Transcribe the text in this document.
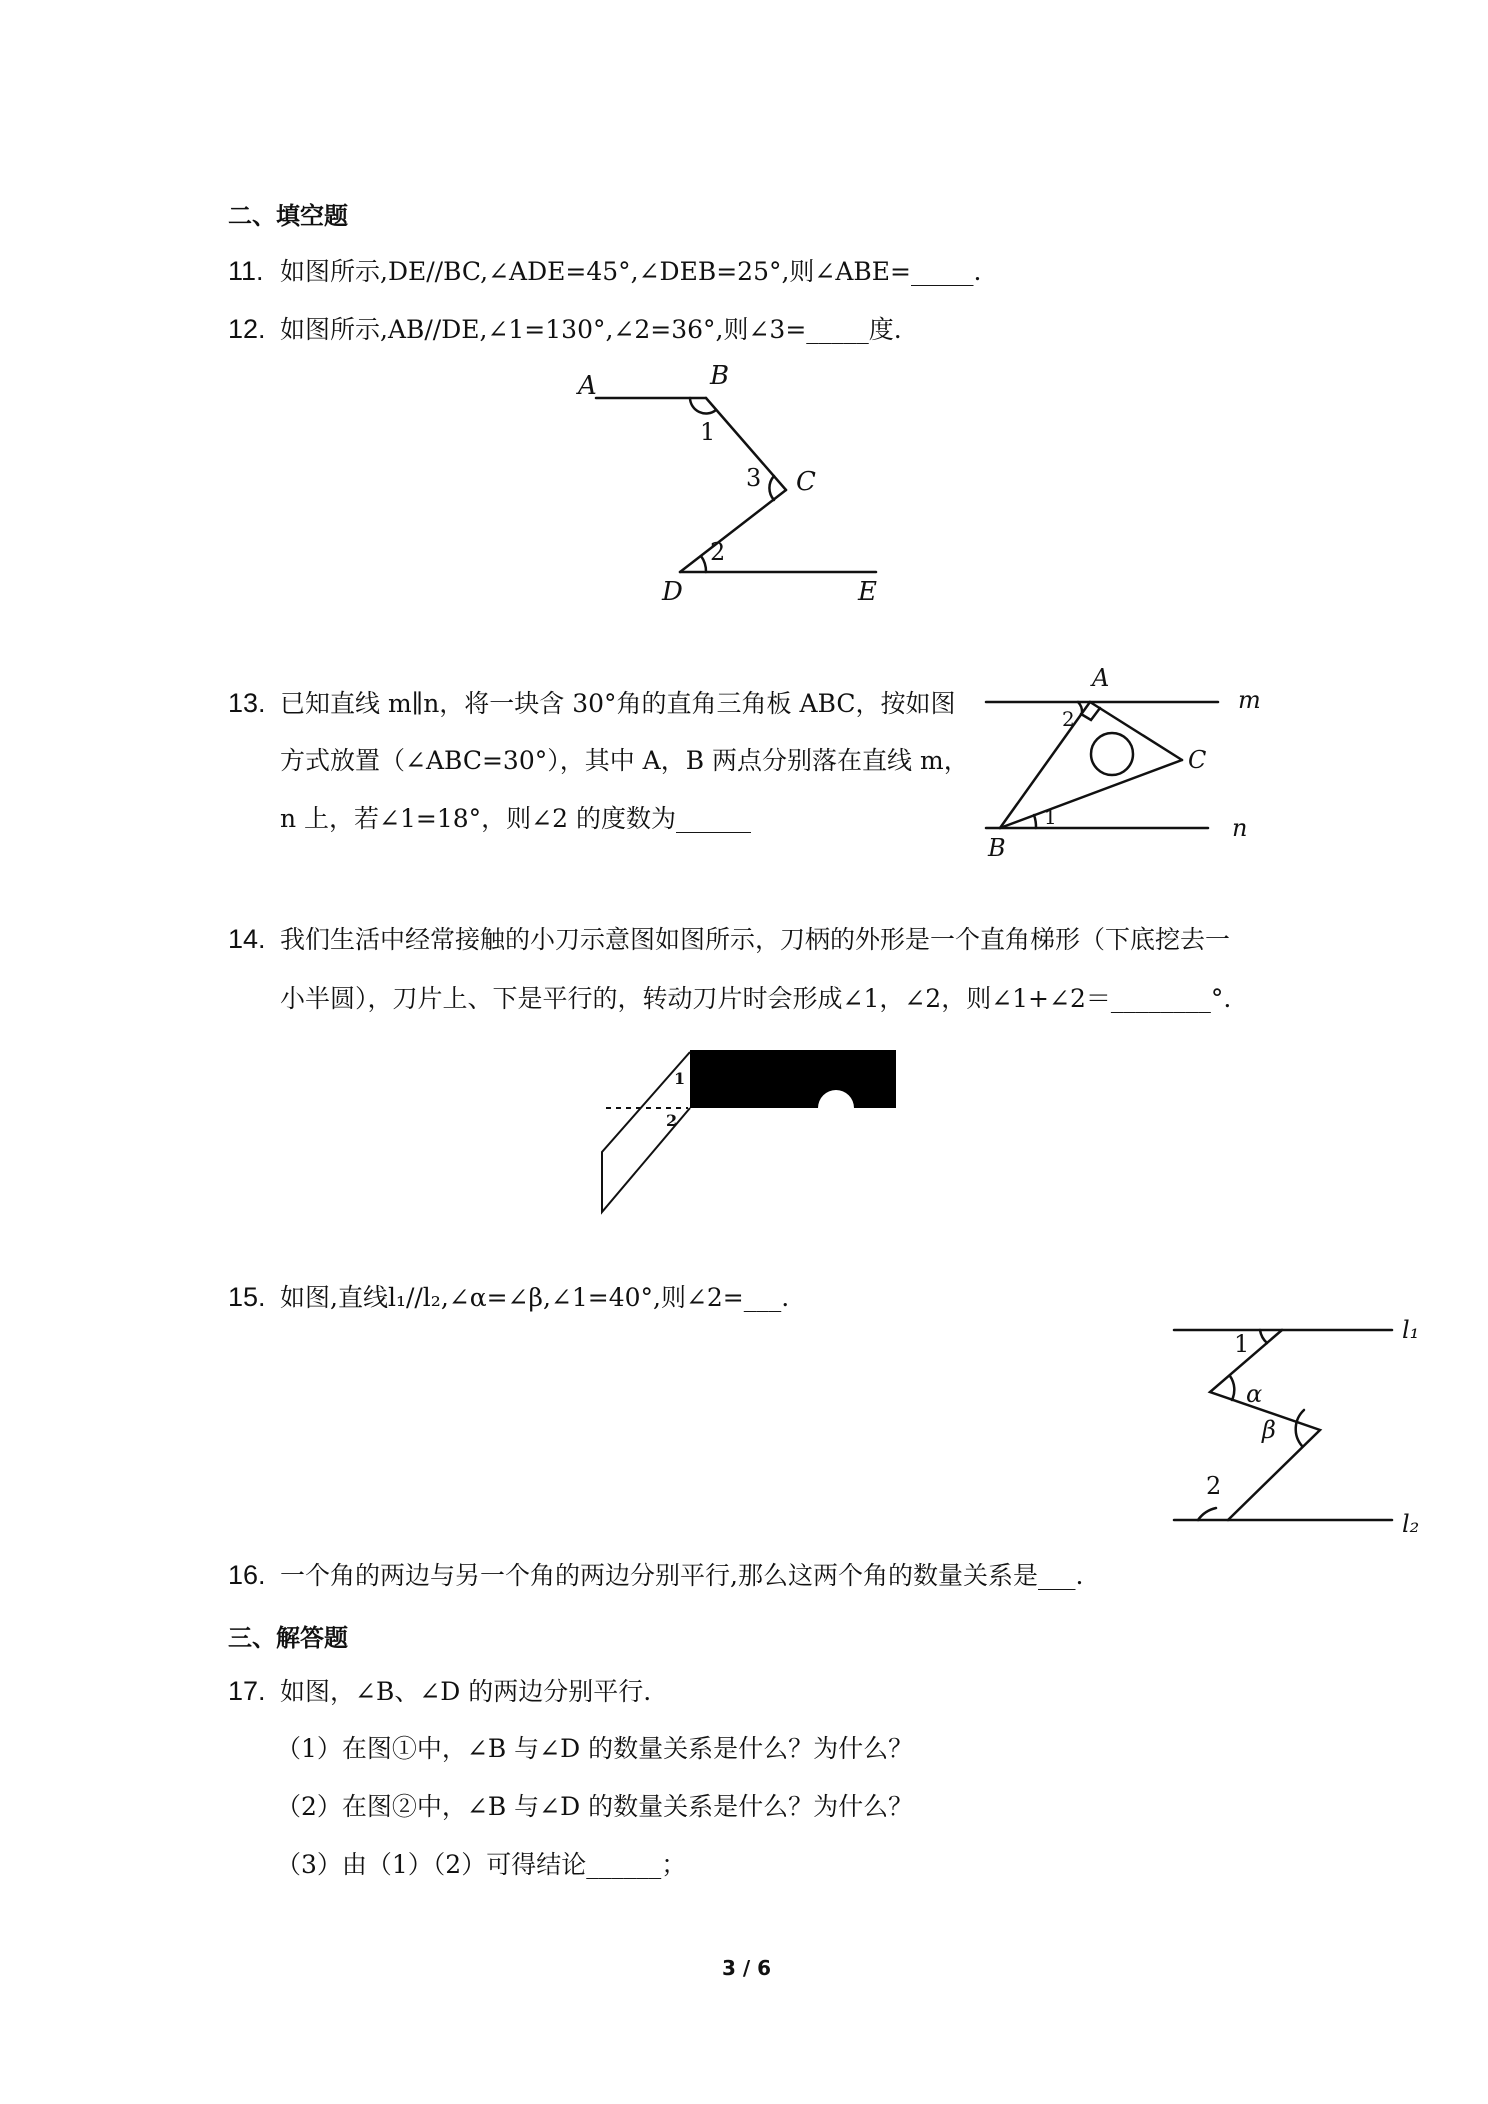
二、填空题
11. 如图所示,DE//BC,∠ADE=45°,∠DEB=25°,则∠ABE=_____.
12. 如图所示,AB//DE,∠1=130°,∠2=36°,则∠3=_____度.
A	B
C
D	E
1
3
2
13. 已知直线 m∥n，将一块含 30°角的直角三角板 ABC，按如图
方式放置（∠ABC=30°），其中 A，B 两点分别落在直线 m，
n 上，若∠1=18°，则∠2 的度数为______
A
B
C
m
n
2
1
14. 我们生活中经常接触的小刀示意图如图所示，刀柄的外形是一个直角梯形（下底挖去一
小半圆），刀片上、下是平行的，转动刀片时会形成∠1，∠2，则∠1+∠2＝________°.
1
2
15. 如图,直线l₁//l₂,∠α=∠β,∠1=40°,则∠2=___.
1
2
α
β
l₁
l₂
16. 一个角的两边与另一个角的两边分别平行,那么这两个角的数量关系是___.
三、解答题
17. 如图，∠B、∠D 的两边分别平行.
（1）在图①中，∠B 与∠D 的数量关系是什么？为什么？
（2）在图②中，∠B 与∠D 的数量关系是什么？为什么？
（3）由（1）（2）可得结论______；
3 / 6
